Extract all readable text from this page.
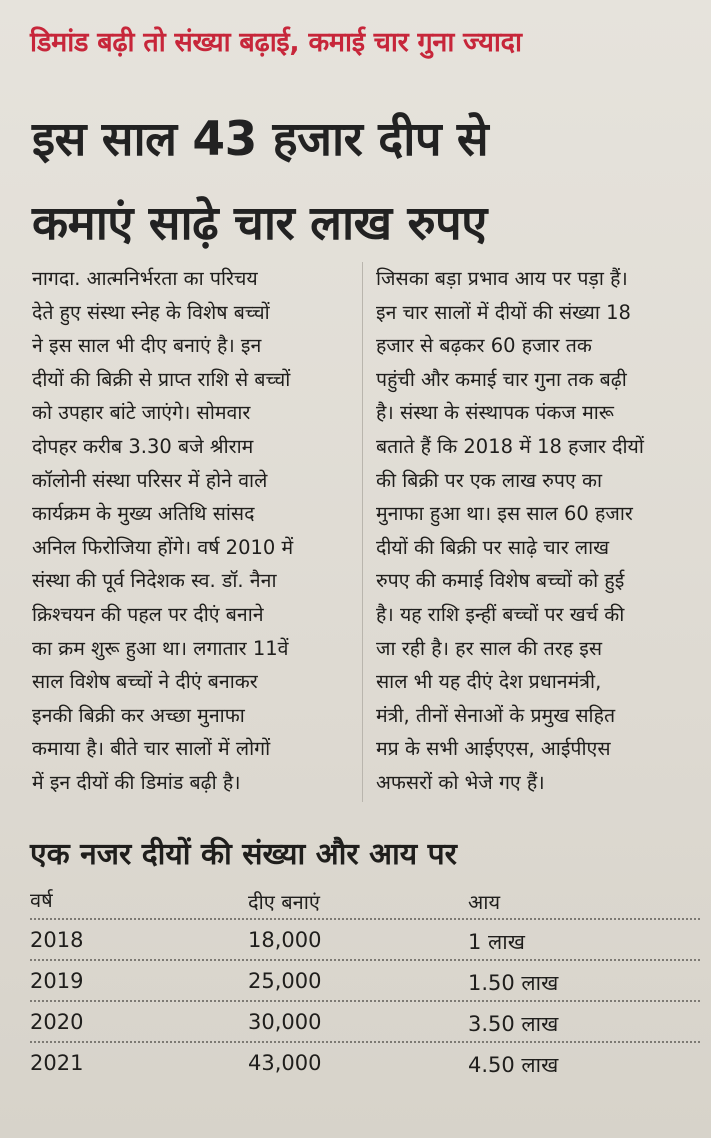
डिमांड बढ़ी तो संख्या बढ़ाई, कमाई चार गुना ज्यादा
इस साल 43 हजार दीप से
कमाएं साढ़े चार लाख रुपए
नागदा. आत्मनिर्भरता का परिचय
देते हुए संस्था स्नेह के विशेष बच्चों
ने इस साल भी दीए बनाएं है। इन
दीयों की बिक्री से प्राप्त राशि से बच्चों
को उपहार बांटे जाएंगे। सोमवार
दोपहर करीब 3.30 बजे श्रीराम
कॉलोनी संस्था परिसर में होने वाले
कार्यक्रम के मुख्य अतिथि सांसद
अनिल फिरोजिया होंगे। वर्ष 2010 में
संस्था की पूर्व निदेशक स्व. डॉ. नैना
क्रिश्चयन की पहल पर दीएं बनाने
का क्रम शुरू हुआ था। लगातार 11वें
साल विशेष बच्चों ने दीएं बनाकर
इनकी बिक्री कर अच्छा मुनाफा
कमाया है। बीते चार सालों में लोगों
में इन दीयों की डिमांड बढ़ी है।
जिसका बड़ा प्रभाव आय पर पड़ा हैं।
इन चार सालों में दीयों की संख्या 18
हजार से बढ़कर 60 हजार तक
पहुंची और कमाई चार गुना तक बढ़ी
है। संस्था के संस्थापक पंकज मारू
बताते हैं कि 2018 में 18 हजार दीयों
की बिक्री पर एक लाख रुपए का
मुनाफा हुआ था। इस साल 60 हजार
दीयों की बिक्री पर साढ़े चार लाख
रुपए की कमाई विशेष बच्चों को हुई
है। यह राशि इन्हीं बच्चों पर खर्च की
जा रही है। हर साल की तरह इस
साल भी यह दीएं देश प्रधानमंत्री,
मंत्री, तीनों सेनाओं के प्रमुख सहित
मप्र के सभी आईएएस, आईपीएस
अफसरों को भेजे गए हैं।
एक नजर दीयों की संख्या और आय पर
वर्ष	दीए बनाएं	आय
2018	18,000	1 लाख
2019	25,000	1.50 लाख
2020	30,000	3.50 लाख
2021	43,000	4.50 लाख
